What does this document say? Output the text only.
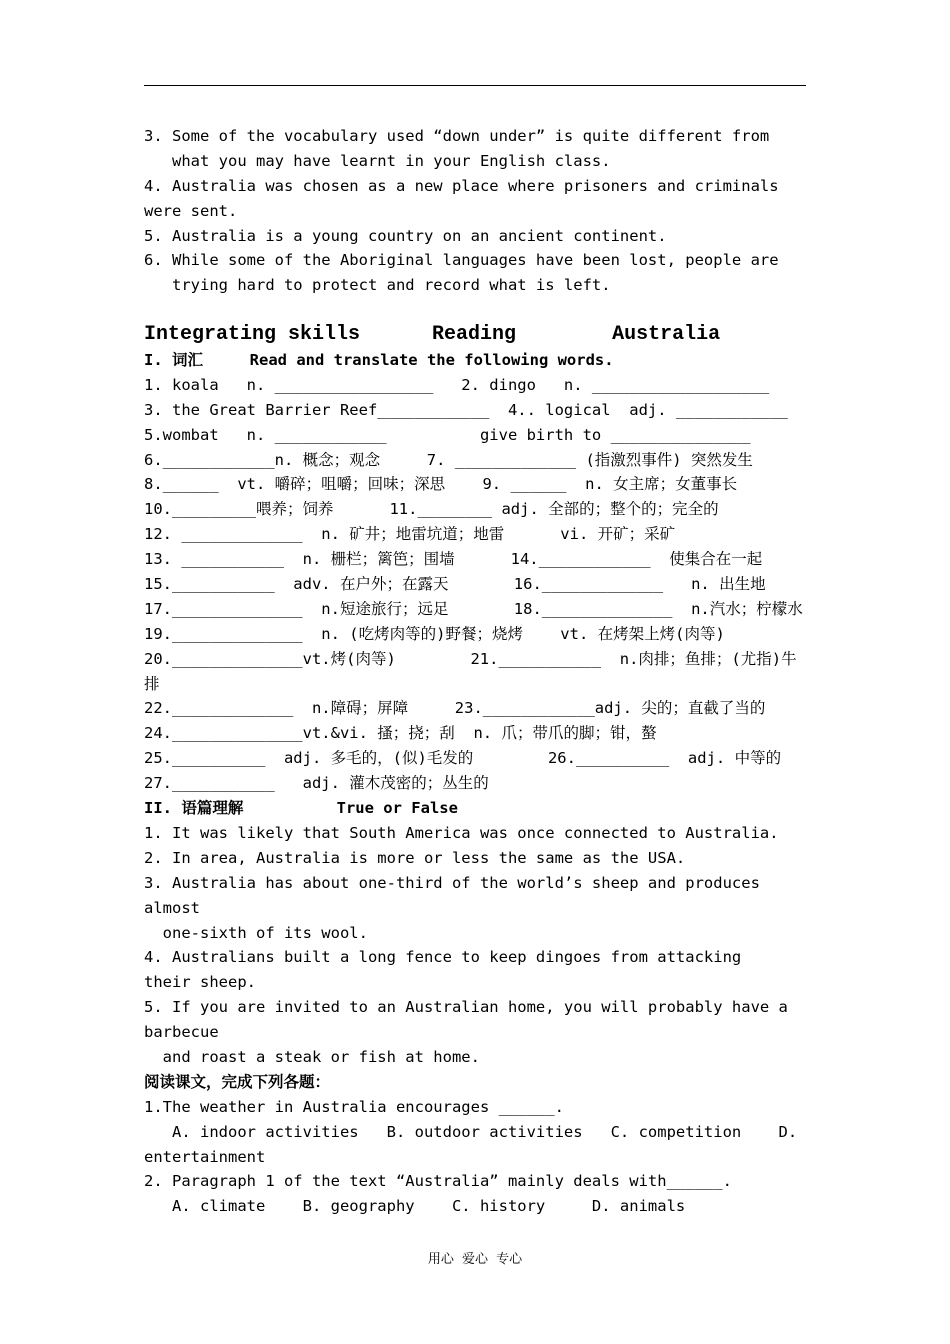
3. Some of the vocabulary used “down under” is quite different from
what you may have learnt in your English class.
4. Australia was chosen as a new place where prisoners and criminals
were sent.
5. Australia is a young country on an ancient continent.
6. While some of the Aboriginal languages have been lost, people are
trying hard to protect and record what is left.
Integrating skills      Reading        Australia
I. 词汇     Read and translate the following words.
1. koala   n. _________________   2. dingo   n. ___________________
3. the Great Barrier Reef____________  4.. logical  adj. ____________
5.wombat   n. ____________          give birth to _______________
6.____________n. 概念；观念     7. _____________ (指激烈事件) 突然发生
8.______  vt. 嚼碎；咀嚼；回味；深思    9. ______  n. 女主席；女董事长
10._________喂养；饲养      11.________ adj. 全部的；整个的；完全的
12. _____________  n. 矿井；地雷坑道；地雷      vi. 开矿；采矿
13. ___________  n. 栅栏；篱笆；围墙      14.____________  使集合在一起
15.___________  adv. 在户外；在露天       16._____________   n. 出生地
17.______________  n.短途旅行；远足       18.______________  n.汽水；柠檬水
19.______________  n. (吃烤肉等的)野餐；烧烤    vt. 在烤架上烤(肉等)
20.______________vt.烤(肉等)        21.___________  n.肉排；鱼排；(尤指)牛
排
22._____________  n.障碍；屏障     23.____________adj. 尖的；直截了当的
24.______________vt.&vi. 搔；挠；刮  n. 爪；带爪的脚；钳，螯
25.__________  adj. 多毛的，(似)毛发的        26.__________  adj. 中等的
27.___________   adj. 灌木茂密的；丛生的
II. 语篇理解          True or False
1. It was likely that South America was once connected to Australia.
2. In area, Australia is more or less the same as the USA.
3. Australia has about one-third of the world’s sheep and produces
almost
one-sixth of its wool.
4. Australians built a long fence to keep dingoes from attacking
their sheep.
5. If you are invited to an Australian home, you will probably have a
barbecue
and roast a steak or fish at home.
阅读课文，完成下列各题：
1.The weather in Australia encourages ______.
A. indoor activities   B. outdoor activities   C. competition    D.
entertainment
2. Paragraph 1 of the text “Australia” mainly deals with______.
A. climate    B. geography    C. history     D. animals
用心 爱心 专心
